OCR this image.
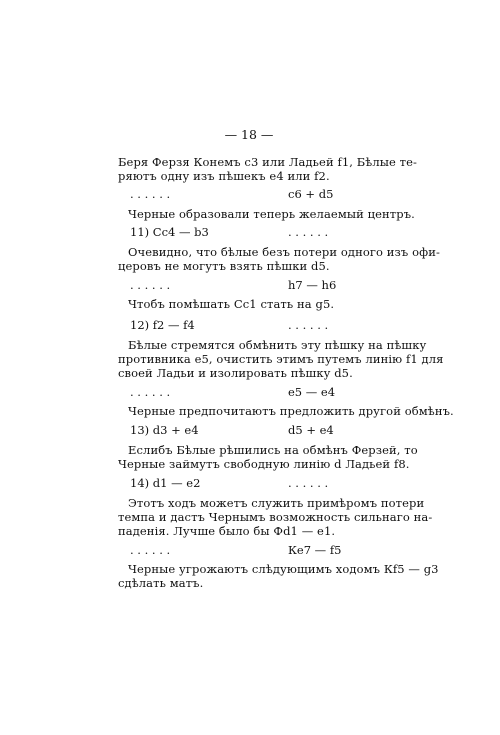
— 18 —
Беря Ферзя Конемъ c3 или Ладьей f1, Бѣлые те-
ряютъ одну изъ пѣшекъ e4 или f2.
. . . . . .	c6 + d5
Черные образовали теперь желаемый центръ.
11) Cc4 — b3	. . . . . .
Очевидно, что бѣлые безъ потери одного изъ офи-
церовъ не могутъ взять пѣшки d5.
. . . . . .	h7 — h6
Чтобъ помѣшать Cc1 стать на g5.
12) f2 — f4	. . . . . .
Бѣлые стремятся обмѣнить эту пѣшку на пѣшку
противника e5, очистить этимъ путемъ линію f1 для
своей Ладьи и изолировать пѣшку d5.
. . . . . .	e5 — e4
Черные предпочитаютъ предложить другой обмѣнъ.
13) d3 + e4	d5 + e4
Еслибъ Бѣлые рѣшились на обмѣнъ Ферзей, то
Черные займутъ свободную линію d Ладьей f8.
14) d1 — e2	. . . . . .
Этотъ ходъ можетъ служить примѣромъ потери
темпа и дастъ Чернымъ возможность сильнаго на-
паденія. Лучше было бы Фd1 — e1.
. . . . . .	Кe7 — f5
Черные угрожаютъ слѣдующимъ ходомъ Кf5 — g3
сдѣлать матъ.
